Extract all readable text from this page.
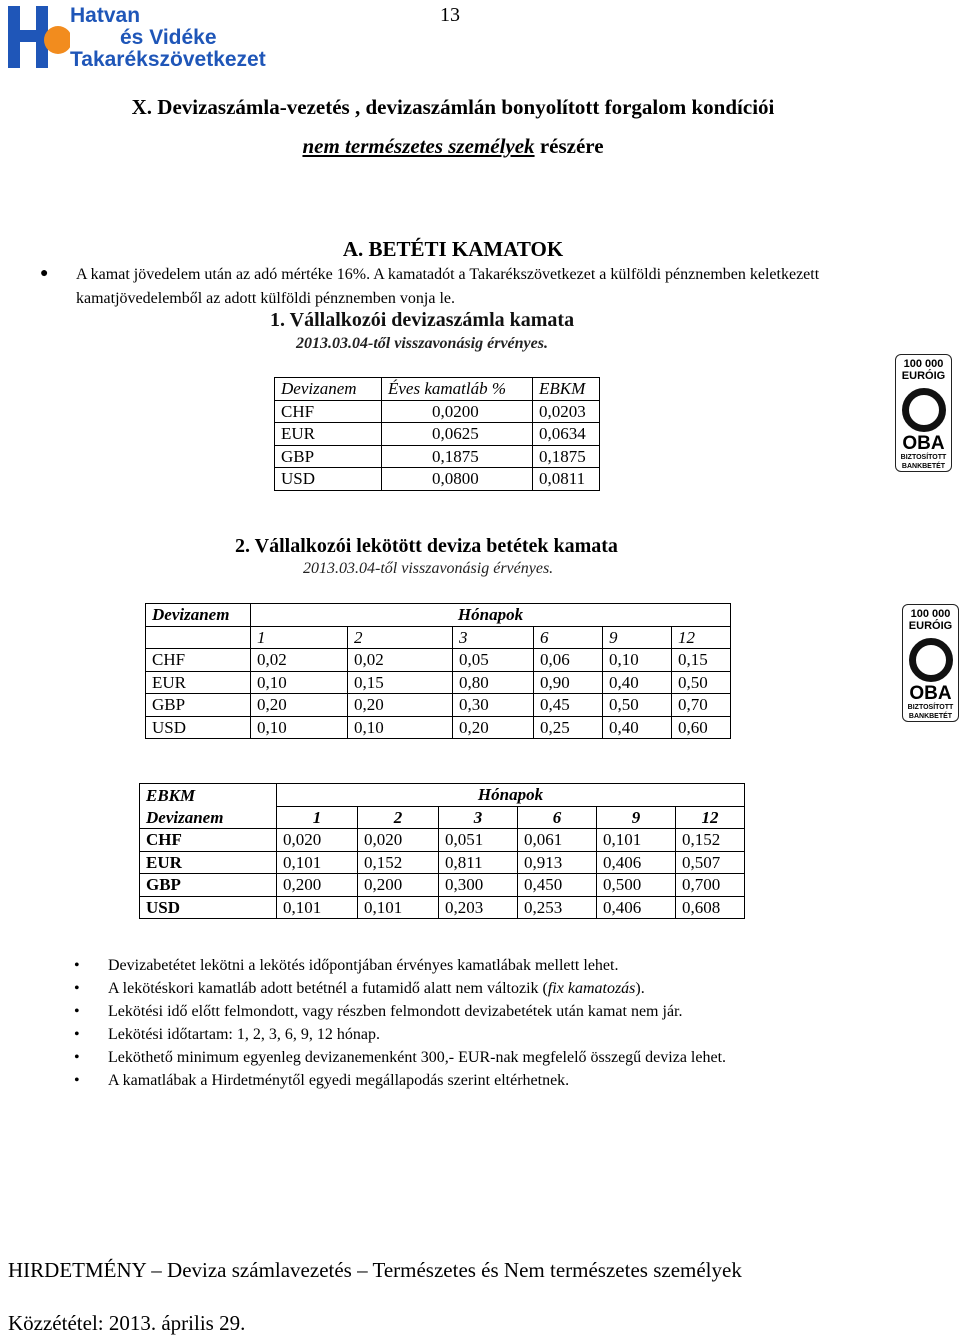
Hatvan
és Vidéke
Takarékszövetkezet
13
X. Devizaszámla-vezetés , devizaszámlán bonyolított forgalom kondíciói
nem természetes személyek részére
A. BETÉTI KAMATOK
● A kamat jövedelem után az adó mértéke 16%. A kamatadót a Takarékszövetkezet a külföldi pénznemben keletkezett kamatjövedelemből az adott külföldi pénznemben vonja le.
1. Vállalkozói devizaszámla kamata
2013.03.04-től visszavonásig érvényes.
Devizanem	Éves kamatláb %	EBKM
CHF	0,0200	0,0203
EUR	0,0625	0,0634
GBP	0,1875	0,1875
USD	0,0800	0,0811
100 000
EURÓIG
OBA
BIZTOSÍTOTT
BANKBETÉT
2. Vállalkozói lekötött deviza betétek kamata
2013.03.04-től visszavonásig érvényes.
Devizanem	Hónapok					
	1	2	3	6	9	12
CHF	0,02	0,02	0,05	0,06	0,10	0,15
EUR	0,10	0,15	0,80	0,90	0,40	0,50
GBP	0,20	0,20	0,30	0,45	0,50	0,70
USD	0,10	0,10	0,20	0,25	0,40	0,60
100 000
EURÓIG
OBA
BIZTOSÍTOTT
BANKBETÉT
EBKM	Hónapok					
Devizanem	1	2	3	6	9	12
CHF	0,020	0,020	0,051	0,061	0,101	0,152
EUR	0,101	0,152	0,811	0,913	0,406	0,507
GBP	0,200	0,200	0,300	0,450	0,500	0,700
USD	0,101	0,101	0,203	0,253	0,406	0,608
• Devizabetétet lekötni a lekötés időpontjában érvényes kamatlábak mellett lehet.
• A lekötéskori kamatláb adott betétnél a futamidő alatt nem változik (fix kamatozás).
• Lekötési idő előtt felmondott, vagy részben felmondott devizabetétek után kamat nem jár.
• Lekötési időtartam: 1, 2, 3, 6, 9, 12 hónap.
• Leköthető minimum egyenleg devizanemenként 300,- EUR-nak megfelelő összegű deviza lehet.
• A kamatlábak a Hirdetménytől egyedi megállapodás szerint eltérhetnek.
HIRDETMÉNY – Deviza számlavezetés – Természetes és Nem természetes személyek
Közzététel: 2013. április 29.
